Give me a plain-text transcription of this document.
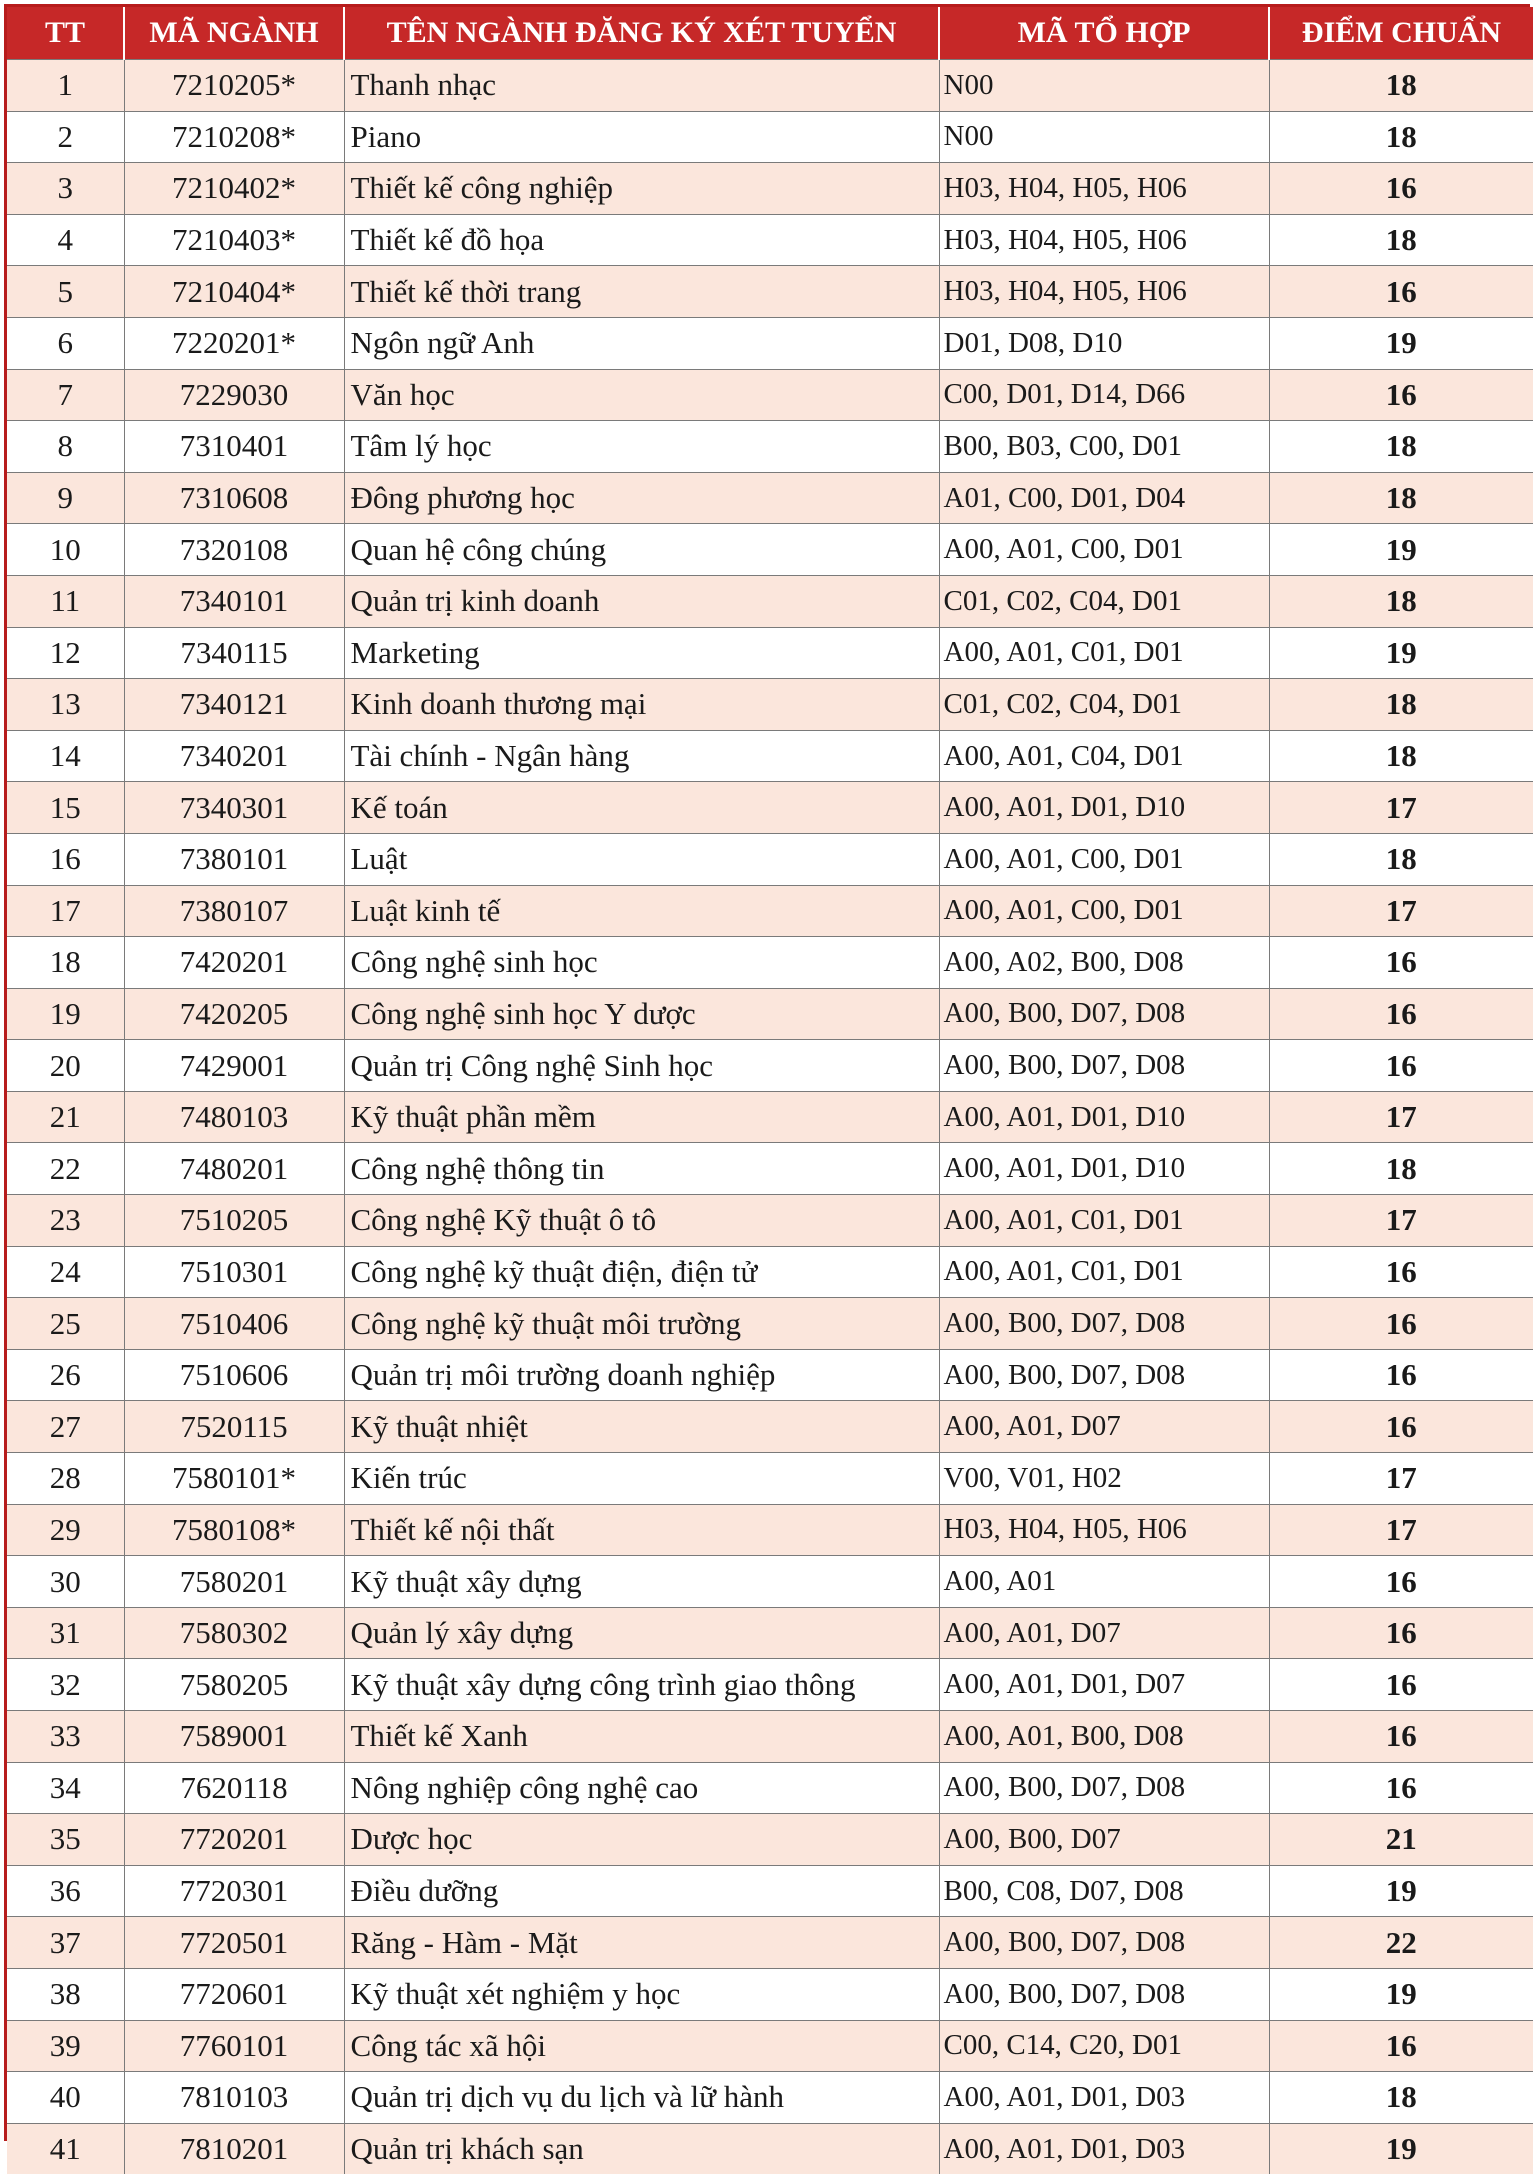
TT	MÃ NGÀNH	TÊN NGÀNH ĐĂNG KÝ XÉT TUYỂN	MÃ TỔ HỢP	ĐIỂM CHUẨN
1	7210205*	Thanh nhạc	N00	18
2	7210208*	Piano	N00	18
3	7210402*	Thiết kế công nghiệp	H03, H04, H05, H06	16
4	7210403*	Thiết kế đồ họa	H03, H04, H05, H06	18
5	7210404*	Thiết kế thời trang	H03, H04, H05, H06	16
6	7220201*	Ngôn ngữ Anh	D01, D08, D10	19
7	7229030	Văn học	C00, D01, D14, D66	16
8	7310401	Tâm lý học	B00, B03, C00, D01	18
9	7310608	Đông phương học	A01, C00, D01, D04	18
10	7320108	Quan hệ công chúng	A00, A01, C00, D01	19
11	7340101	Quản trị kinh doanh	C01, C02, C04, D01	18
12	7340115	Marketing	A00, A01, C01, D01	19
13	7340121	Kinh doanh thương mại	C01, C02, C04, D01	18
14	7340201	Tài chính - Ngân hàng	A00, A01, C04, D01	18
15	7340301	Kế toán	A00, A01, D01, D10	17
16	7380101	Luật	A00, A01, C00, D01	18
17	7380107	Luật kinh tế	A00, A01, C00, D01	17
18	7420201	Công nghệ sinh học	A00, A02, B00, D08	16
19	7420205	Công nghệ sinh học Y dược	A00, B00, D07, D08	16
20	7429001	Quản trị Công nghệ Sinh học	A00, B00, D07, D08	16
21	7480103	Kỹ thuật phần mềm	A00, A01, D01, D10	17
22	7480201	Công nghệ thông tin	A00, A01, D01, D10	18
23	7510205	Công nghệ Kỹ thuật ô tô	A00, A01, C01, D01	17
24	7510301	Công nghệ kỹ thuật điện, điện tử	A00, A01, C01, D01	16
25	7510406	Công nghệ kỹ thuật môi trường	A00, B00, D07, D08	16
26	7510606	Quản trị môi trường doanh nghiệp	A00, B00, D07, D08	16
27	7520115	Kỹ thuật nhiệt	A00, A01, D07	16
28	7580101*	Kiến trúc	V00, V01, H02	17
29	7580108*	Thiết kế nội thất	H03, H04, H05, H06	17
30	7580201	Kỹ thuật xây dựng	A00, A01	16
31	7580302	Quản lý xây dựng	A00, A01, D07	16
32	7580205	Kỹ thuật xây dựng công trình giao thông	A00, A01, D01, D07	16
33	7589001	Thiết kế Xanh	A00, A01, B00, D08	16
34	7620118	Nông nghiệp công nghệ cao	A00, B00, D07, D08	16
35	7720201	Dược học	A00, B00, D07	21
36	7720301	Điều dưỡng	B00, C08, D07, D08	19
37	7720501	Răng - Hàm - Mặt	A00, B00, D07, D08	22
38	7720601	Kỹ thuật xét nghiệm y học	A00, B00, D07, D08	19
39	7760101	Công tác xã hội	C00, C14, C20, D01	16
40	7810103	Quản trị dịch vụ du lịch và lữ hành	A00, A01, D01, D03	18
41	7810201	Quản trị khách sạn	A00, A01, D01, D03	19
